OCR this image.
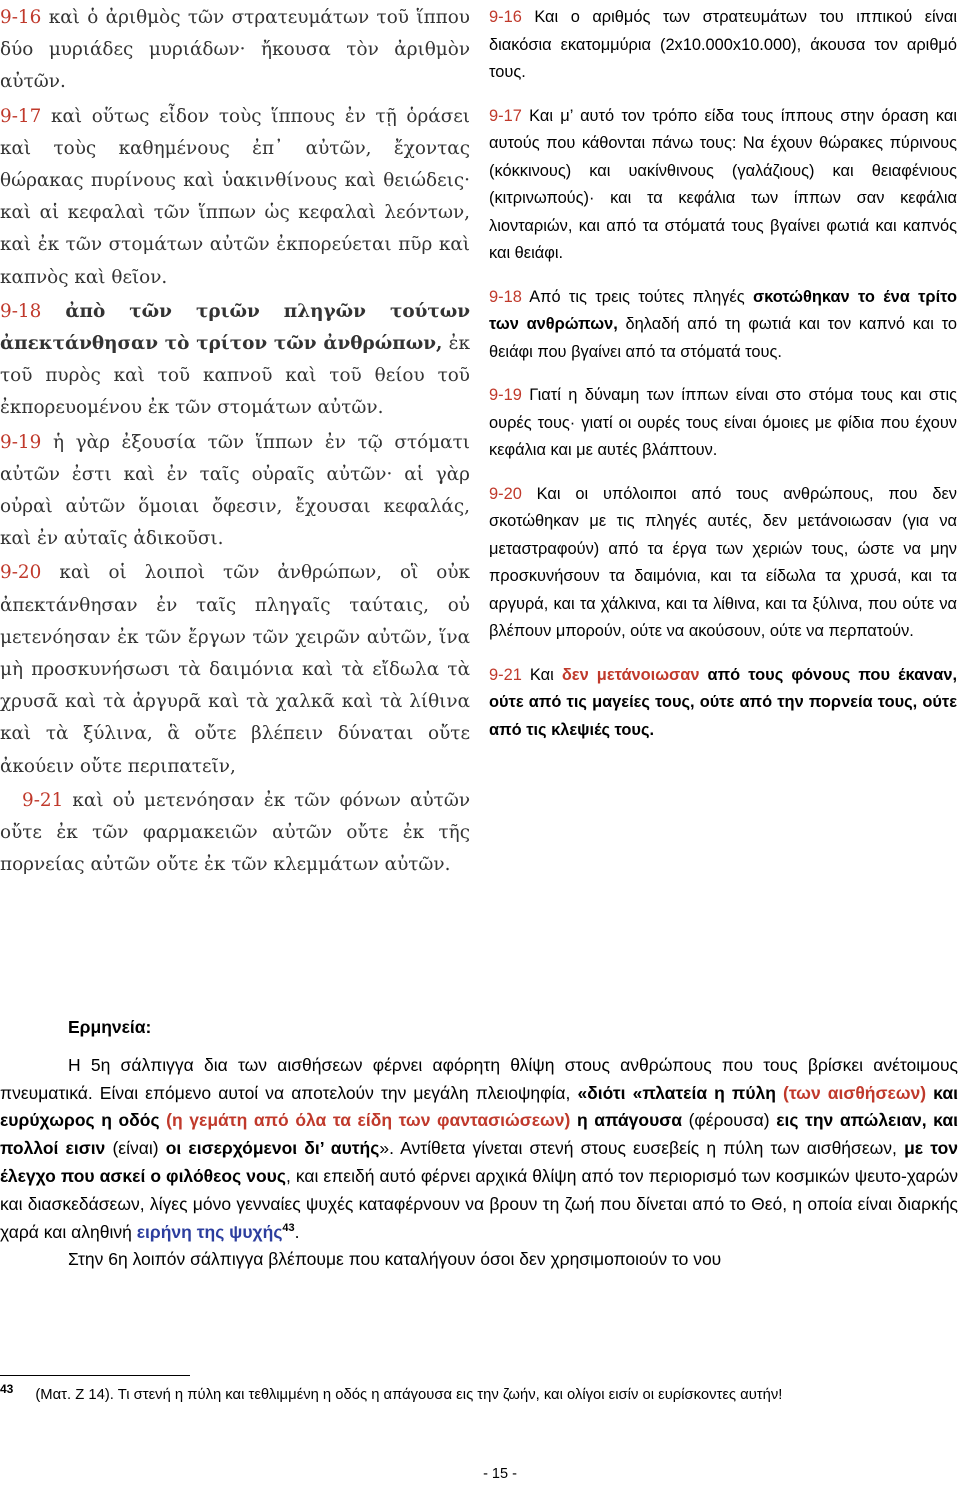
9-16 καὶ ὁ ἀριθμὸς τῶν στρατευμάτων τοῦ ἵππου δύο μυριάδες μυριάδων· ἤκουσα τὸν ἀριθμὸν αὐτῶν.

9-17 καὶ οὕτως εἶδον τοὺς ἵππους ἐν τῇ ὁράσει καὶ τοὺς καθημένους ἐπ᾽ αὐτῶν, ἔχοντας θώρακας πυρίνους καὶ ὑακινθίνους καὶ θειώδεις· καὶ αἱ κεφαλαὶ τῶν ἵππων ὡς κεφαλαὶ λεόντων, καὶ ἐκ τῶν στομάτων αὐτῶν ἐκπορεύεται πῦρ καὶ καπνὸς καὶ θεῖον.

9-18 ἀπὸ τῶν τριῶν πληγῶν τούτων ἀπεκτάνθησαν τὸ τρίτον τῶν ἀνθρώπων, ἐκ τοῦ πυρὸς καὶ τοῦ καπνοῦ καὶ τοῦ θείου τοῦ ἐκπορευομένου ἐκ τῶν στομάτων αὐτῶν.

9-19 ἡ γὰρ ἐξουσία τῶν ἵππων ἐν τῷ στόματι αὐτῶν ἐστι καὶ ἐν ταῖς οὐραῖς αὐτῶν· αἱ γὰρ οὐραὶ αὐτῶν ὅμοιαι ὄφεσιν, ἔχουσαι κεφαλάς, καὶ ἐν αὐταῖς ἀδικοῦσι.

9-20 καὶ οἱ λοιποὶ τῶν ἀνθρώπων, οἳ οὐκ ἀπεκτάνθησαν ἐν ταῖς πληγαῖς ταύταις, οὐ μετενόησαν ἐκ τῶν ἔργων τῶν χειρῶν αὐτῶν, ἵνα μὴ προσκυνήσωσι τὰ δαιμόνια καὶ τὰ εἴδωλα τὰ χρυσᾶ καὶ τὰ ἀργυρᾶ καὶ τὰ χαλκᾶ καὶ τὰ λίθινα καὶ τὰ ξύλινα, ἃ οὔτε βλέπειν δύναται οὔτε ἀκούειν οὔτε περιπατεῖν,

9-21 καὶ οὐ μετενόησαν ἐκ τῶν φόνων αὐτῶν οὔτε ἐκ τῶν φαρμακειῶν αὐτῶν οὔτε ἐκ τῆς πορνείας αὐτῶν οὔτε ἐκ τῶν κλεμμάτων αὐτῶν.

9-16 Και ο αριθμός των στρατευμάτων του ιππικού είναι διακόσια εκατομμύρια (2x10.000x10.000), άκουσα τον αριθμό τους.

9-17 Και μ’ αυτό τον τρόπο είδα τους ίππους στην όραση και αυτούς που κάθονται πάνω τους: Να έχουν θώρακες πύρινους (κόκκινους) και υακίνθινους (γαλάζιους) και θειαφένιους (κιτρινωπούς)· και τα κεφάλια των ίππων σαν κεφάλια λιονταριών, και από τα στόματά τους βγαίνει φωτιά και καπνός και θειάφι.

9-18 Από τις τρεις τούτες πληγές σκοτώθηκαν το ένα τρίτο των ανθρώπων, δηλαδή από τη φωτιά και τον καπνό και το θειάφι που βγαίνει από τα στόματά τους.

9-19 Γιατί η δύναμη των ίππων είναι στο στόμα τους και στις ουρές τους· γιατί οι ουρές τους είναι όμοιες με φίδια που έχουν κεφάλια και με αυτές βλάπτουν.

9-20 Και οι υπόλοιποι από τους ανθρώπους, που δεν σκοτώθηκαν με τις πληγές αυτές, δεν μετάνοιωσαν (για να μεταστραφούν) από τα έργα των χεριών τους, ώστε να μην προσκυνήσουν τα δαιμόνια, και τα είδωλα τα χρυσά, και τα αργυρά, και τα χάλκινα, και τα λίθινα, και τα ξύλινα, που ούτε να βλέπουν μπορούν, ούτε να ακούσουν, ούτε να περπατούν.

9-21 Και δεν μετάνοιωσαν από τους φόνους που έκαναν, ούτε από τις μαγείες τους, ούτε από την πορνεία τους, ούτε από τις κλεψιές τους.

Ερμηνεία:

Η 5η σάλπιγγα δια των αισθήσεων φέρνει αφόρητη θλίψη στους ανθρώπους που τους βρίσκει ανέτοιμους πνευματικά. Είναι επόμενο αυτοί να αποτελούν την μεγάλη πλειοψηφία, «διότι «πλατεία η πύλη (των αισθήσεων) και ευρύχωρος η οδός (η γεμάτη από όλα τα είδη των φαντασιώσεων) η απάγουσα (φέρουσα) εις την απώλειαν, και πολλοί εισιν (είναι) οι εισερχόμενοι δι’ αυτής». Αντίθετα γίνεται στενή στους ευσεβείς η πύλη των αισθήσεων, με τον έλεγχο που ασκεί ο φιλόθεος νους, και επειδή αυτό φέρνει αρχικά θλίψη από τον περιορισμό των κοσμικών ψευτο-χαρών και διασκεδάσεων, λίγες μόνο γενναίες ψυχές καταφέρνουν να βρουν τη ζωή που δίνεται από το Θεό, η οποία είναι διαρκής χαρά και αληθινή ειρήνη της ψυχής$^{43}$.

Στην 6η λοιπόν σάλπιγγα βλέπουμε που καταλήγουν όσοι δεν χρησιμοποιούν το νου

$^{43}$ (Ματ. Ζ 14). Τι στενή η πύλη και τεθλιμμένη η οδός η απάγουσα εις την ζωήν, και ολίγοι εισίν οι ευρίσκοντες αυτήν!
- 15 -
